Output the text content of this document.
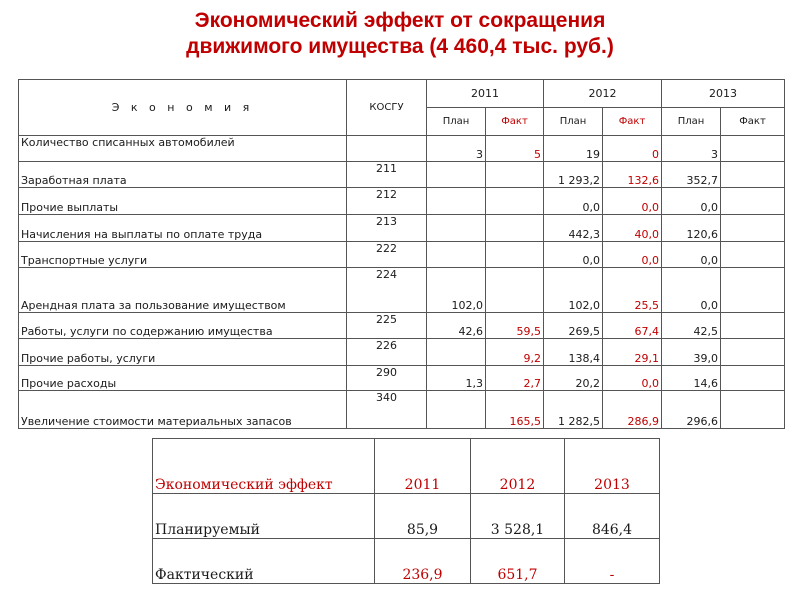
Экономический эффект от сокращения
движимого имущества (4 460,4 тыс. руб.)
Э к о н о м и я	КОСГУ	2011		2012		2013	
		План	Факт	План	Факт	План	Факт
Количество списанных автомобилей		3	5	19	0	3	
Заработная плата	211			1 293,2	132,6	352,7	
Прочие выплаты	212			0,0	0,0	0,0	
Начисления на выплаты по оплате труда	213			442,3	40,0	120,6	
Транспортные услуги	222			0,0	0,0	0,0	
Арендная плата за пользование имуществом	224	102,0		102,0	25,5	0,0	
Работы, услуги по содержанию имущества	225	42,6	59,5	269,5	67,4	42,5	
Прочие работы, услуги	226		9,2	138,4	29,1	39,0	
Прочие расходы	290	1,3	2,7	20,2	0,0	14,6	
Увеличение стоимости материальных запасов	340		165,5	1 282,5	286,9	296,6	
Экономический эффект	2011	2012	2013
Планируемый	85,9	3 528,1	846,4
Фактический	236,9	651,7	-
